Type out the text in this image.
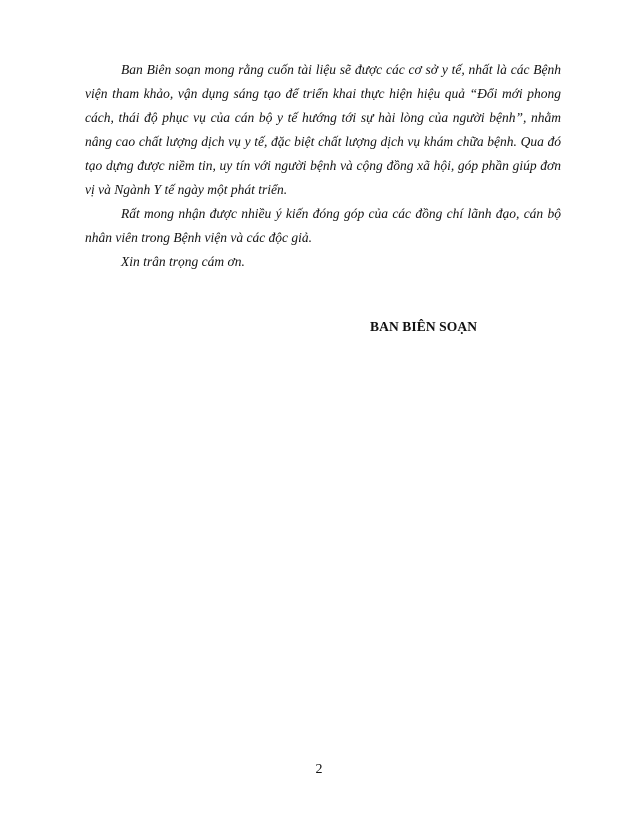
Ban Biên soạn mong rằng cuốn tài liệu sẽ được các cơ sở y tế, nhất là các Bệnh viện tham khảo, vận dụng sáng tạo để triển khai thực hiện hiệu quả “Đổi mới phong cách, thái độ phục vụ của cán bộ y tế hướng tới sự hài lòng của người bệnh”, nhằm nâng cao chất lượng dịch vụ y tế, đặc biệt chất lượng dịch vụ khám chữa bệnh. Qua đó tạo dựng được niềm tin, uy tín với người bệnh và cộng đồng xã hội, góp phần giúp đơn vị và Ngành Y tế ngày một phát triển.

Rất mong nhận được nhiều ý kiến đóng góp của các đồng chí lãnh đạo, cán bộ nhân viên trong Bệnh viện và các độc giả.

Xin trân trọng cám ơn.

BAN BIÊN SOẠN
2
